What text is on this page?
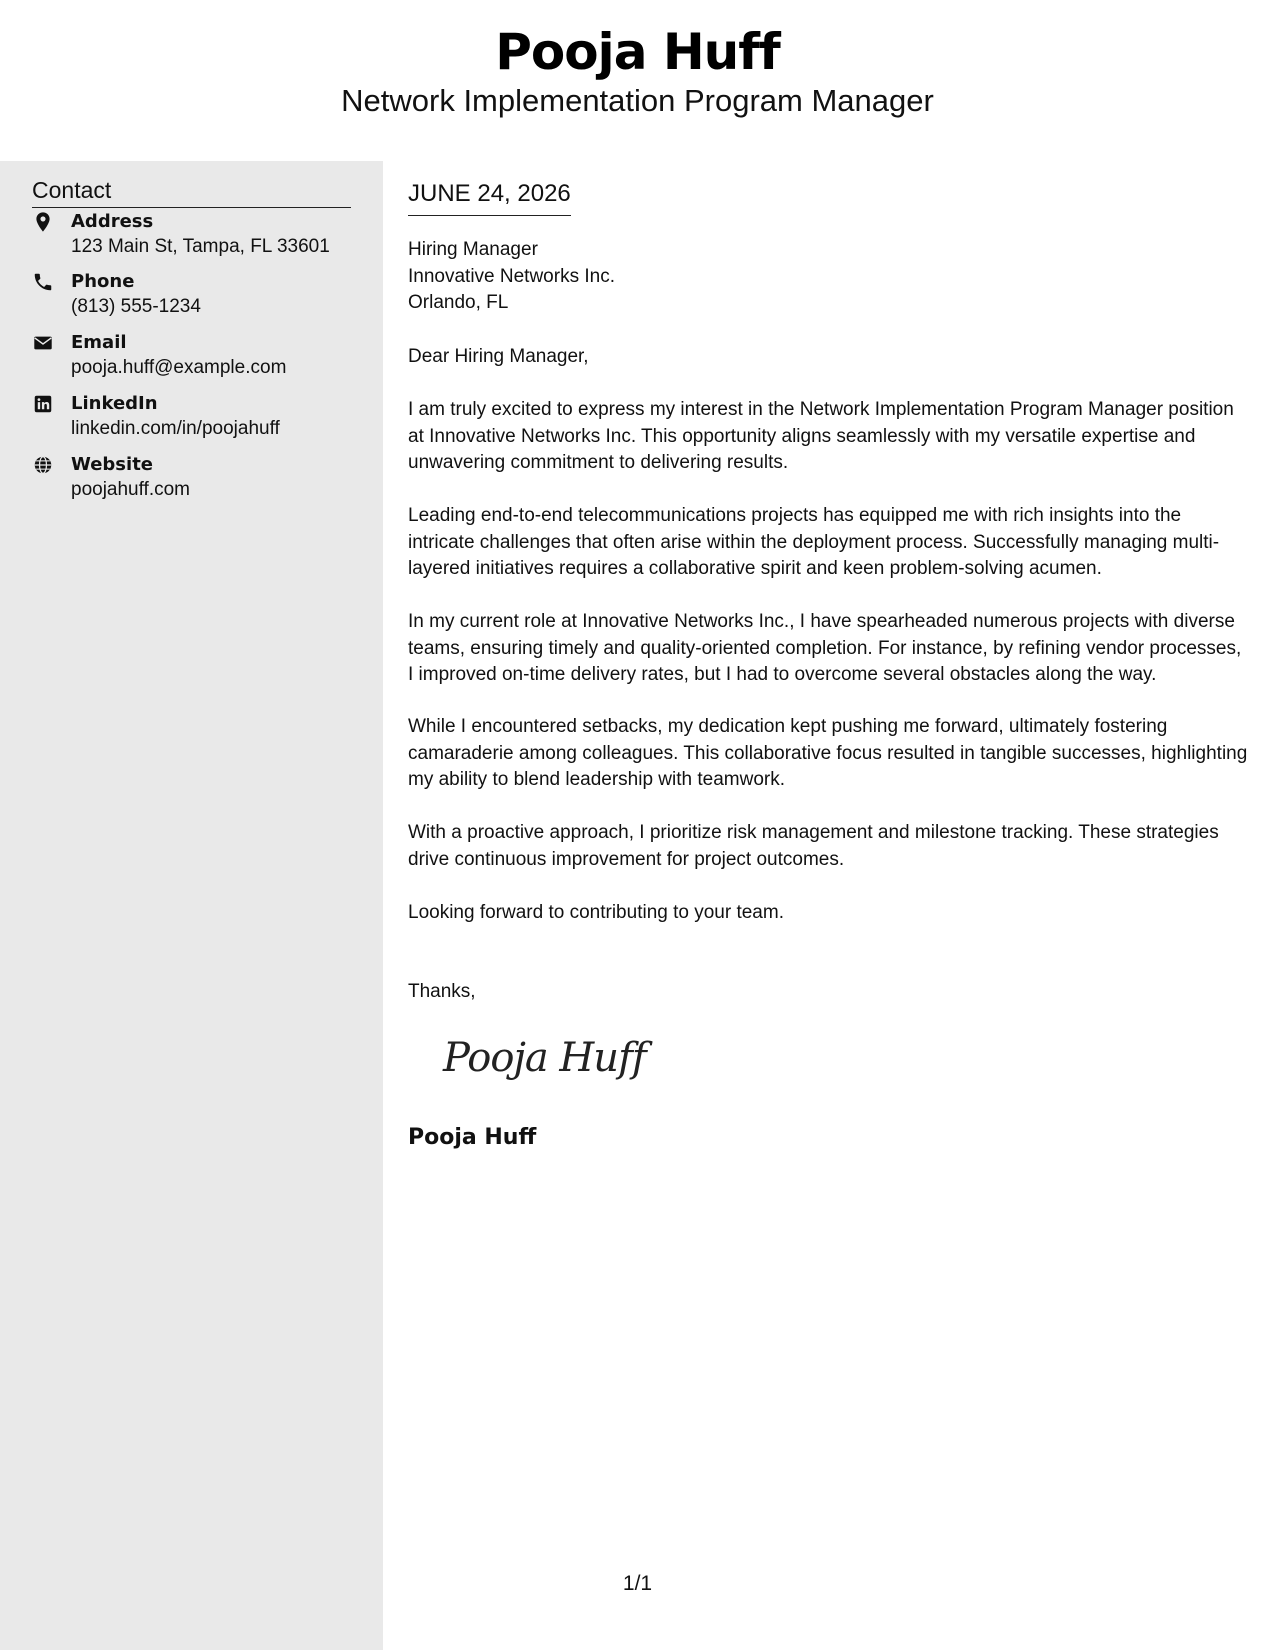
Pooja Huff
Network Implementation Program Manager
Contact
Address
123 Main St, Tampa, FL 33601
Phone
(813) 555-1234
Email
pooja.huff@example.com
LinkedIn
linkedin.com/in/poojahuff
Website
poojahuff.com
JUNE 24, 2026
Hiring Manager
Innovative Networks Inc.
Orlando, FL
Dear Hiring Manager,
I am truly excited to express my interest in the Network Implementation Program Manager position at Innovative Networks Inc. This opportunity aligns seamlessly with my versatile expertise and unwavering commitment to delivering results.
Leading end-to-end telecommunications projects has equipped me with rich insights into the intricate challenges that often arise within the deployment process. Successfully managing multi-layered initiatives requires a collaborative spirit and keen problem-solving acumen.
In my current role at Innovative Networks Inc., I have spearheaded numerous projects with diverse teams, ensuring timely and quality-oriented completion. For instance, by refining vendor processes, I improved on-time delivery rates, but I had to overcome several obstacles along the way.
While I encountered setbacks, my dedication kept pushing me forward, ultimately fostering camaraderie among colleagues. This collaborative focus resulted in tangible successes, highlighting my ability to blend leadership with teamwork.
With a proactive approach, I prioritize risk management and milestone tracking. These strategies drive continuous improvement for project outcomes.
Looking forward to contributing to your team.
Thanks,
Pooja Huff
Pooja Huff
1/1
